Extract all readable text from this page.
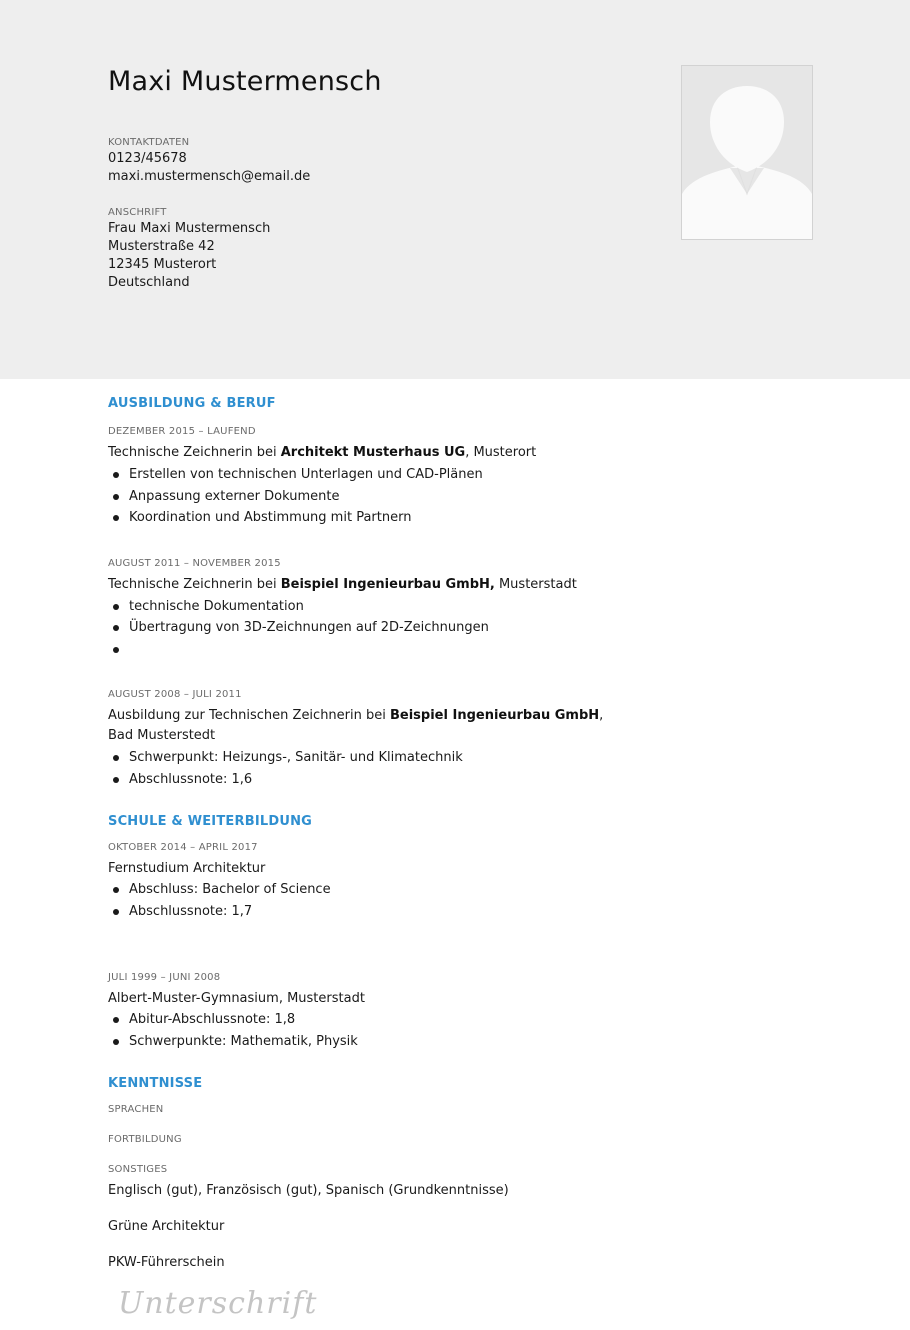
Maxi Mustermensch
KONTAKTDATEN
0123/45678
maxi.mustermensch@email.de
ANSCHRIFT
Frau Maxi Mustermensch
Musterstraße 42
12345 Musterort
Deutschland
AUSBILDUNG & BERUF
DEZEMBER 2015 – LAUFEND
Technische Zeichnerin bei Architekt Musterhaus UG, Musterort
Erstellen von technischen Unterlagen und CAD-Plänen
Anpassung externer Dokumente
Koordination und Abstimmung mit Partnern
AUGUST 2011 – NOVEMBER 2015
Technische Zeichnerin bei Beispiel Ingenieurbau GmbH, Musterstadt
technische Dokumentation
Übertragung von 3D-Zeichnungen auf 2D-Zeichnungen
AUGUST 2008 – JULI 2011
Ausbildung zur Technischen Zeichnerin bei Beispiel Ingenieurbau GmbH, Bad Musterstedt
Schwerpunkt: Heizungs-, Sanitär- und Klimatechnik
Abschlussnote: 1,6
SCHULE & WEITERBILDUNG
OKTOBER 2014 – APRIL 2017
Fernstudium Architektur
Abschluss: Bachelor of Science
Abschlussnote: 1,7
JULI 1999 – JUNI 2008
Albert-Muster-Gymnasium, Musterstadt
Abitur-Abschlussnote: 1,8
Schwerpunkte: Mathematik, Physik
KENNTNISSE
SPRACHEN
FORTBILDUNG
SONSTIGES
Englisch (gut), Französisch (gut), Spanisch (Grundkenntnisse)
Grüne Architektur
PKW-Führerschein
Unterschrift
